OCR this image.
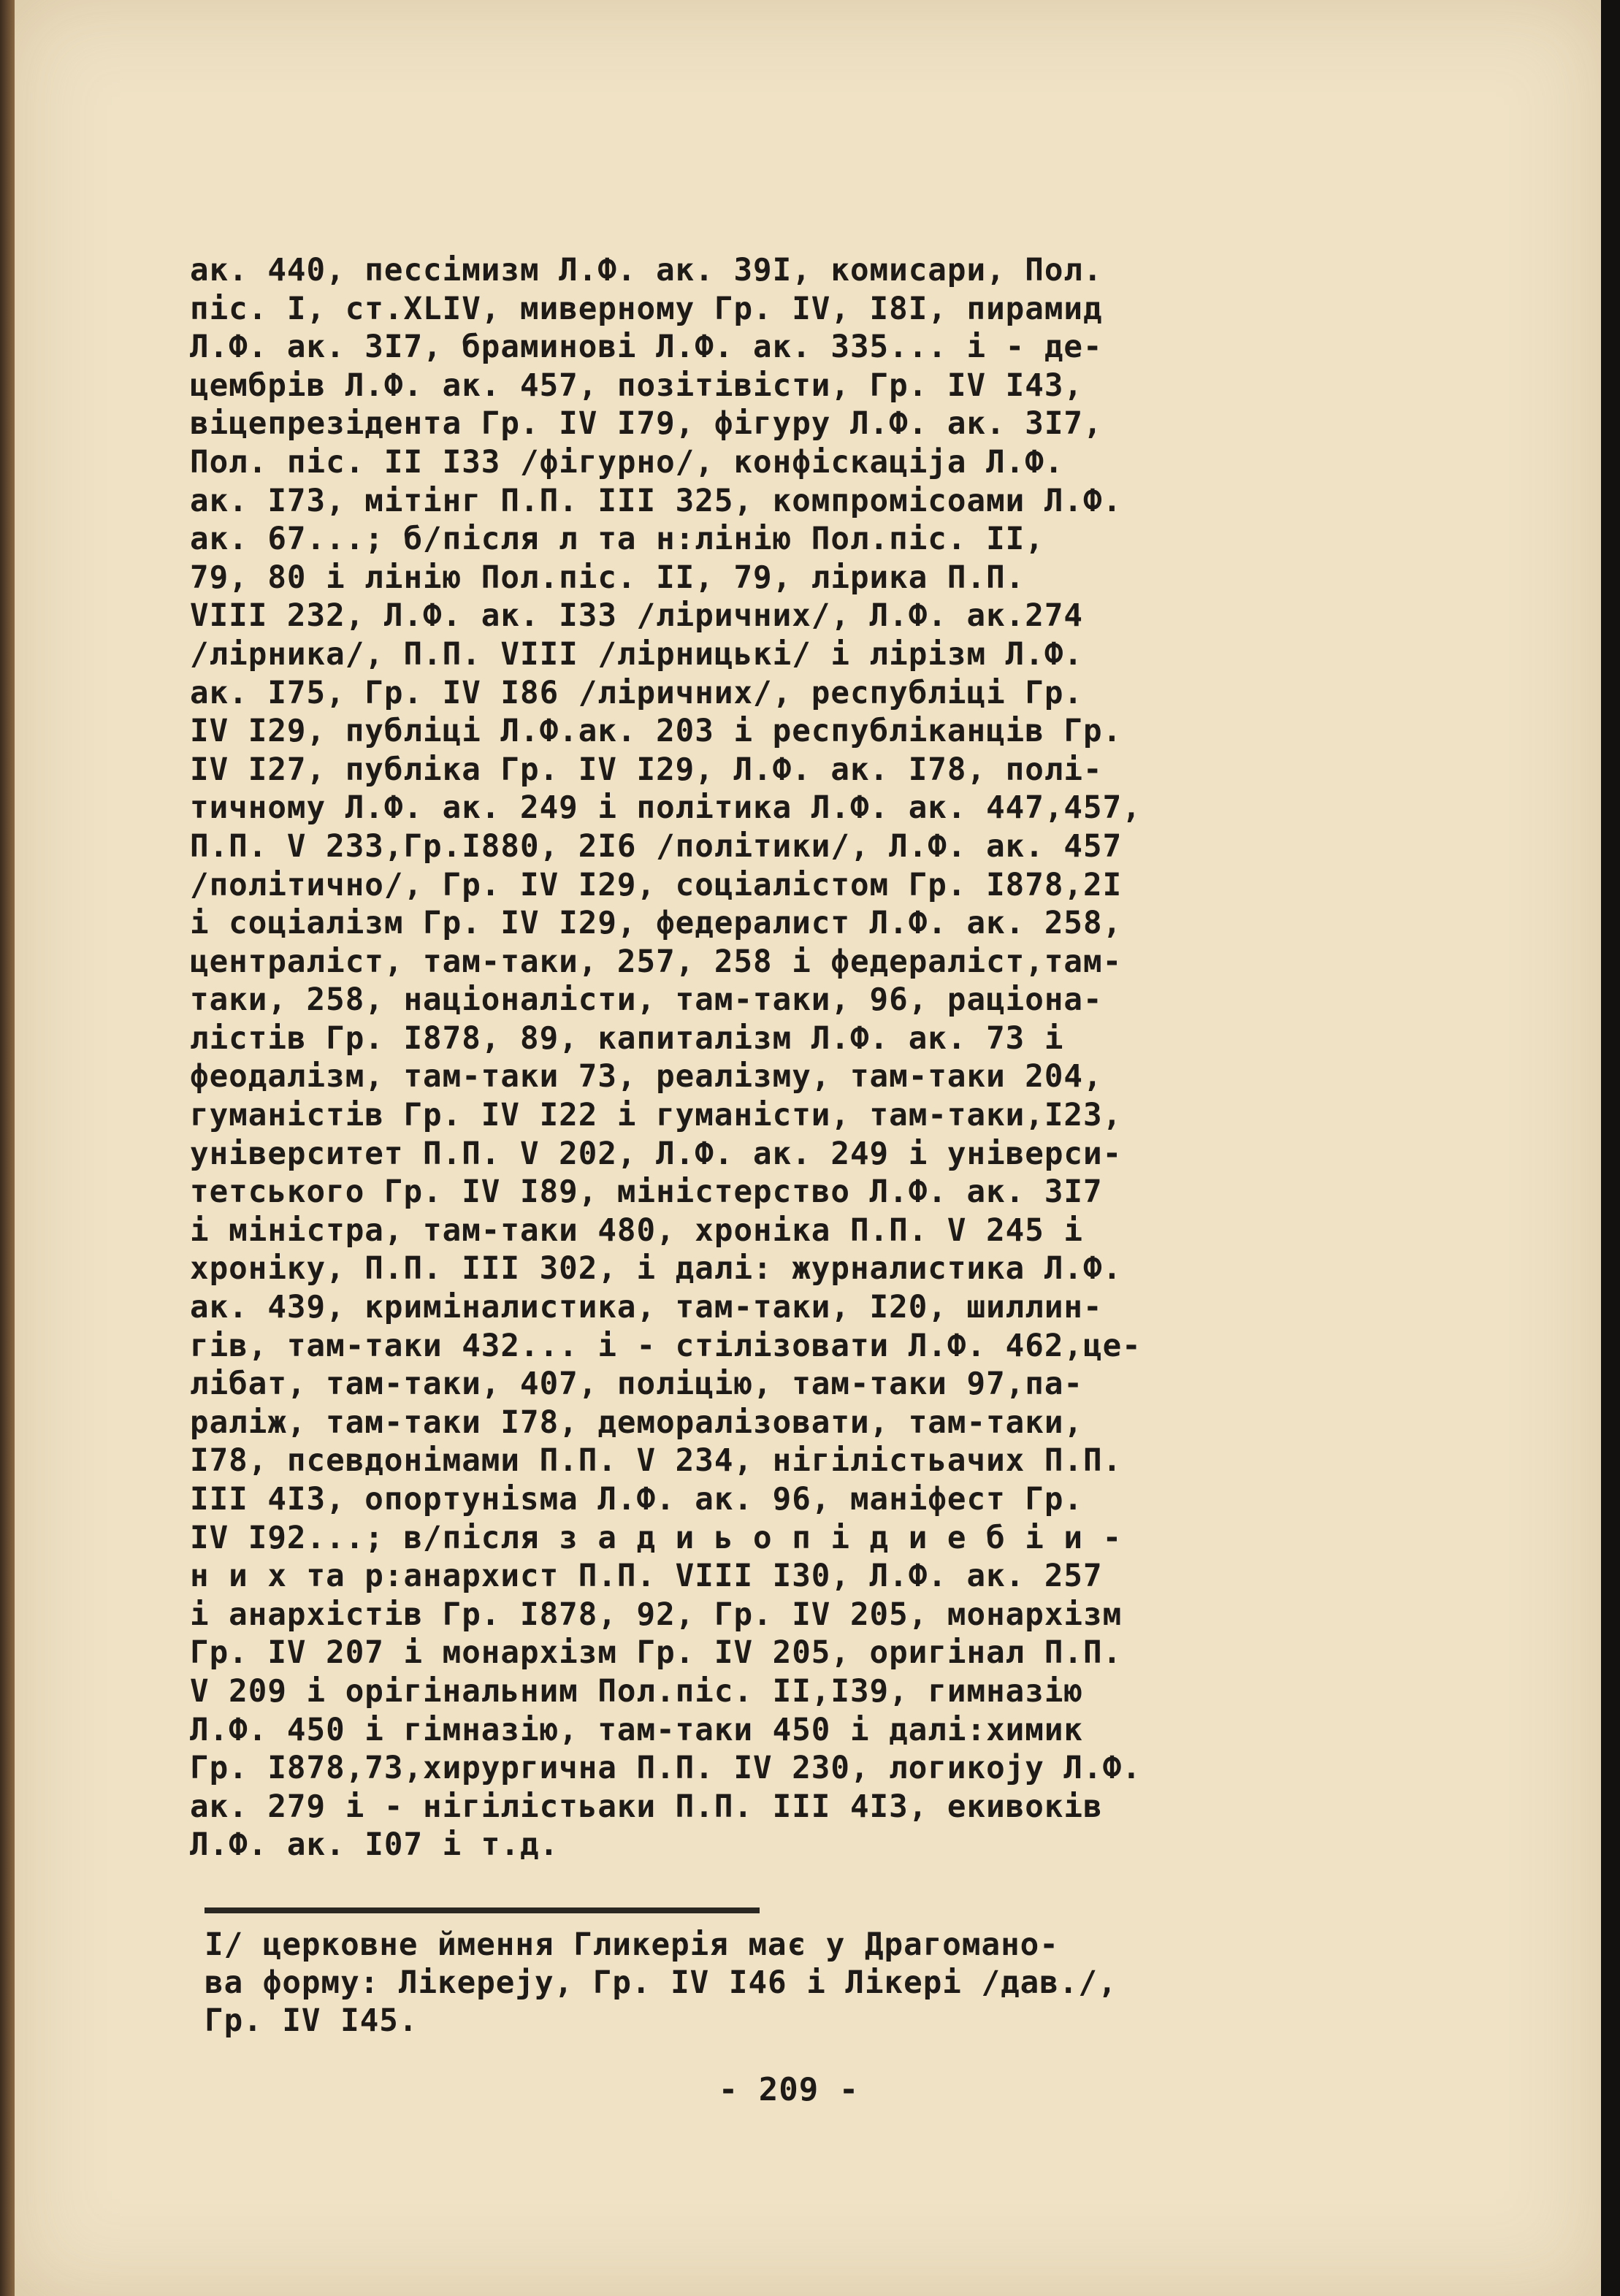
ак. 440, пессімизм Л.Ф. ак. 39I, комисари, Пол.
піс. I, ст.XLIV, миверному Гр. IV, I8I, пирамид
Л.Ф. ак. 3I7, браминові Л.Ф. ак. 335... і - де-
цембрів Л.Ф. ак. 457, позітівісти, Гр. IV I43,
віцепрезідента Гр. IV I79, фігуру Л.Ф. ак. 3I7,
Пол. піс. II I33 /фігурно/, конфіскаціjа Л.Ф.
ак. I73, мітінг П.П. III 325, компромісоами Л.Ф.
ак. 67...; б/після л та н:лінію Пол.піс. II,
79, 80 і лінію Пол.піс. II, 79, лірика П.П.
VIII 232, Л.Ф. ак. I33 /ліричних/, Л.Ф. ак.274
/лірника/, П.П. VIII /лірницькі/ і лірізм Л.Ф.
ак. I75, Гр. IV I86 /ліричних/, республіці Гр.
IV I29, публіці Л.Ф.ак. 203 і республіканців Гр.
IV I27, публіка Гр. IV I29, Л.Ф. ак. I78, полі-
тичному Л.Ф. ак. 249 і політика Л.Ф. ак. 447,457,
П.П. V 233,Гр.I880, 2I6 /політики/, Л.Ф. ак. 457
/політично/, Гр. IV I29, соціалістом Гр. I878,2I
і соціалізм Гр. IV I29, федералист Л.Ф. ак. 258,
централіст, там-таки, 257, 258 і федераліст,там-
таки, 258, націоналісти, там-таки, 96, раціона-
лістів Гр. I878, 89, капиталізм Л.Ф. ак. 73 і
феодалізм, там-таки 73, реалізму, там-таки 204,
гуманістів Гр. IV I22 і гуманісти, там-таки,I23,
університет П.П. V 202, Л.Ф. ак. 249 і універси-
тетського Гр. IV I89, міністерство Л.Ф. ак. 3I7
і міністра, там-таки 480, хроніка П.П. V 245 і
хроніку, П.П. III 302, і далі: журналистика Л.Ф.
ак. 439, криміналистика, там-таки, I20, шиллин-
гів, там-таки 432... і - стілізовати Л.Ф. 462,це-
лібат, там-таки, 407, поліцію, там-таки 97,па-
раліж, там-таки I78, деморалізовати, там-таки,
I78, псевдонімами П.П. V 234, нігілістьачих П.П.
III 4I3, опортуніsма Л.Ф. ак. 96, маніфест Гр.
IV I92...; в/після з а д и ь о п і д и е б і и -
н и х та р:анархист П.П. VIII I30, Л.Ф. ак. 257
і анархістів Гр. I878, 92, Гр. IV 205, монархізм
Гр. IV 207 і монархізм Гр. IV 205, оригінал П.П.
V 209 і орігінальним Пол.піс. II,I39, гимназію
Л.Ф. 450 і гімназію, там-таки 450 і далі:химик
Гр. I878,73,хирургична П.П. IV 230, логикоjу Л.Ф.
ак. 279 і - нігілістьаки П.П. III 4I3, екивоків
Л.Ф. ак. I07 і т.д.
I/ церковне ймення Гликерія має у Драгомано-
ва форму: Лікереjу, Гр. IV I46 і Лікері /дав./,
Гр. IV I45.
- 209 -
